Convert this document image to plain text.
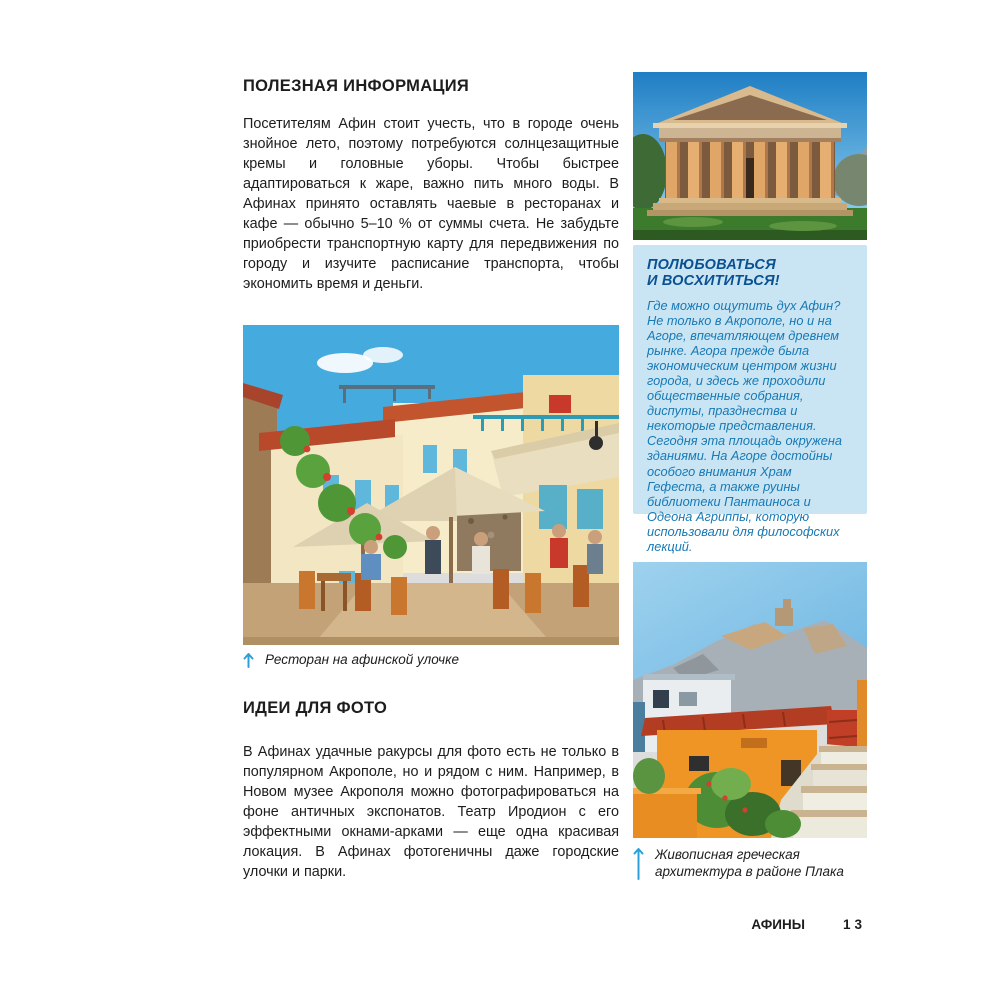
ПОЛЕЗНАЯ ИНФОРМАЦИЯ

Посетителям Афин стоит учесть, что в городе очень знойное лето, поэтому потребуются солнцезащитные кремы и головные уборы. Чтобы быстрее адаптироваться к жаре, важно пить много воды. В Афинах принято оставлять чаевые в ресторанах и кафе — обычно 5–10 % от суммы счета. Не забудьте приобрести транспортную карту для передвижения по городу и изучите расписание транспорта, чтобы экономить время и деньги.

Ресторан на афинской улочке
ИДЕИ ДЛЯ ФОТО

В Афинах удачные ракурсы для фото есть не только в популярном Акрополе, но и рядом с ним. Например, в Новом музее Акрополя можно фотографироваться на фоне античных экспонатов. Театр Иродион с его эффектными окнами-арками — еще одна красивая локация. В Афинах фотогеничны даже городские улочки и парки.

ПОЛЮБОВАТЬСЯ
И ВОСХИТИТЬСЯ!

Где можно ощутить дух Афин? Не только в Акрополе, но и на Агоре, впечатляющем древнем рынке. Агора прежде была экономическим центром жизни города, и здесь же проходили общественные собрания, диспуты, празднества и некоторые представления. Сегодня эта площадь окружена зданиями. На Агоре достойны особого внимания Храм Гефеста, а также руины библиотеки Пантаиноса и Одеона Агриппы, которую использовали для философских лекций.

Живописная греческая архитектура в районе Плака
АФИНЫ	13
